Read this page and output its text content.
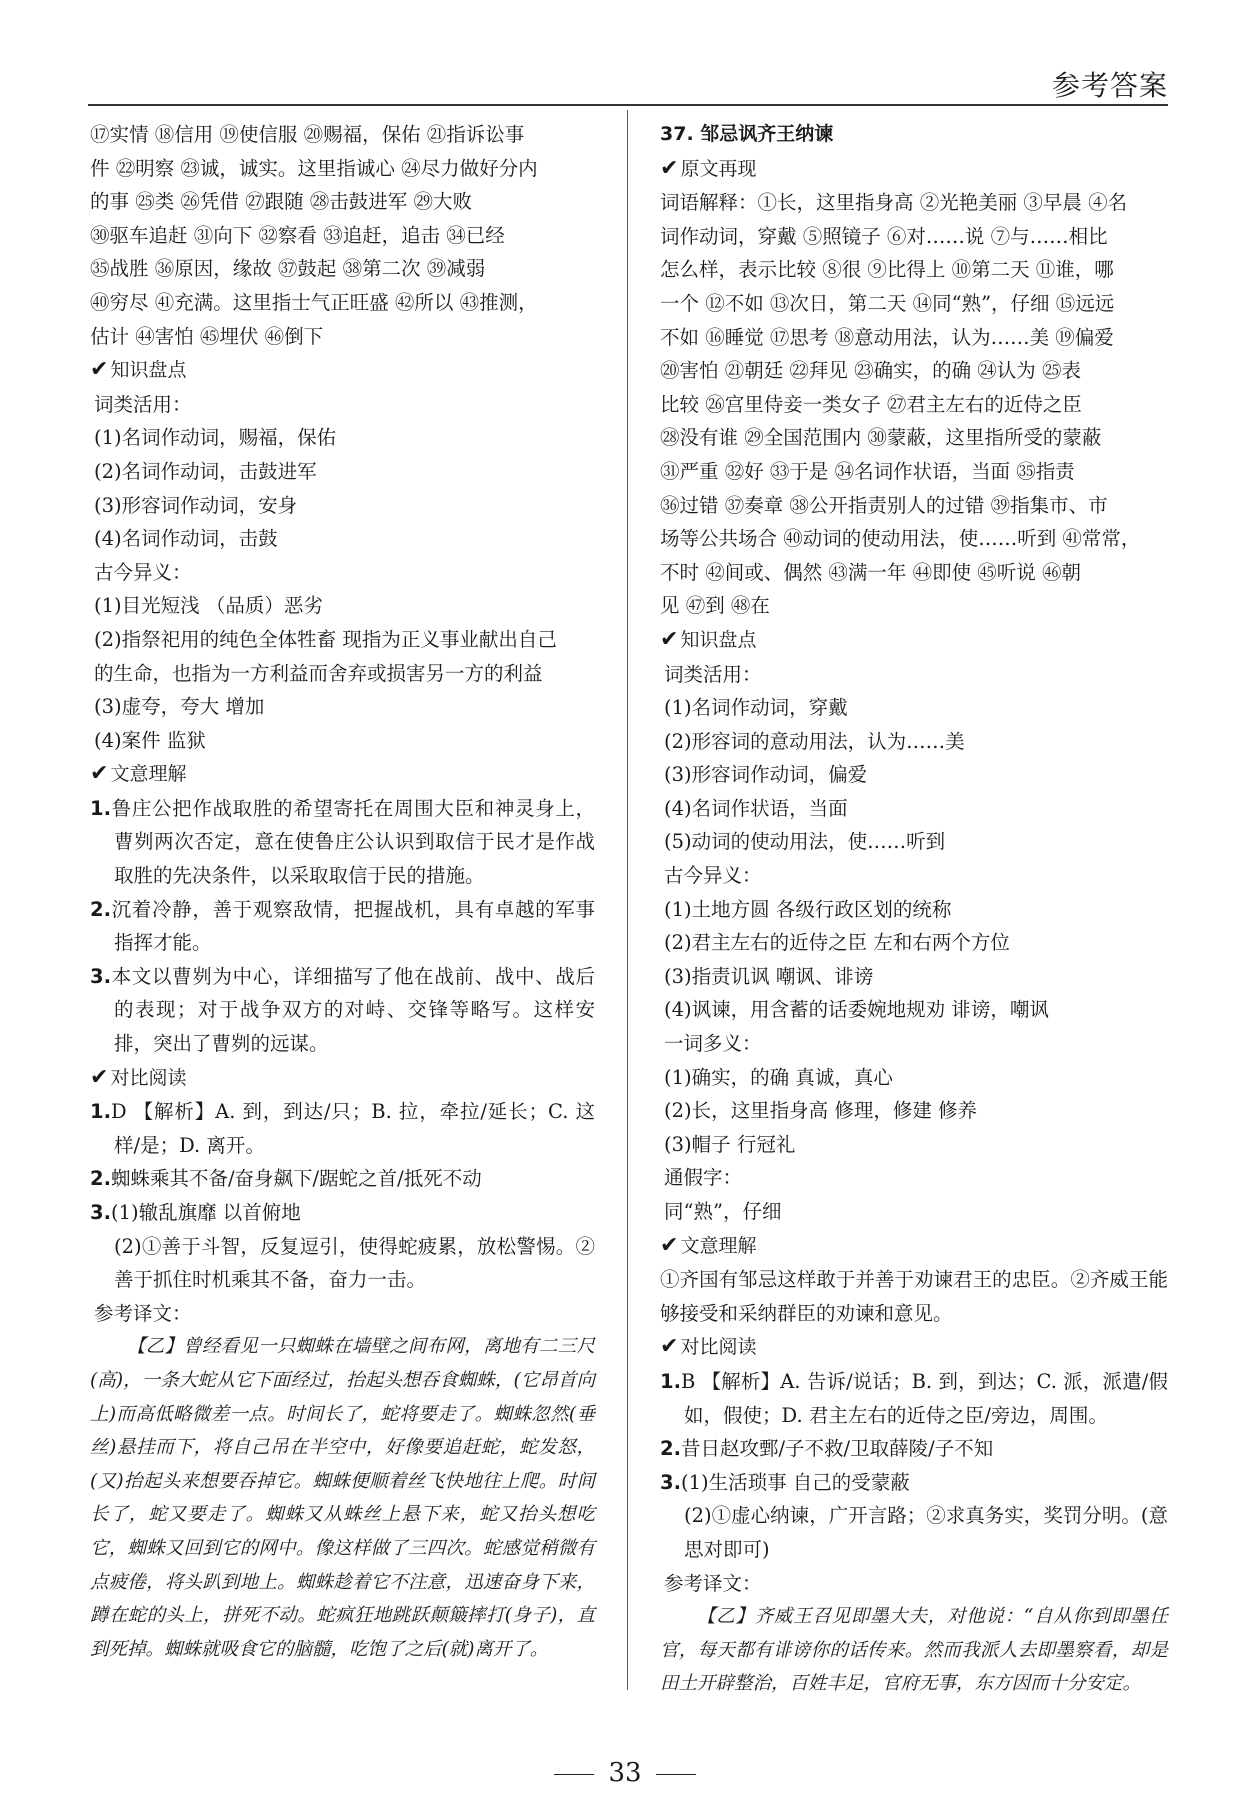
参考答案
⑰实情 ⑱信用 ⑲使信服 ⑳赐福，保佑 ㉑指诉讼事
件 ㉒明察 ㉓诚，诚实。这里指诚心 ㉔尽力做好分内
的事 ㉕类 ㉖凭借 ㉗跟随 ㉘击鼓进军 ㉙大败
㉚驱车追赶 ㉛向下 ㉜察看 ㉝追赶，追击 ㉞已经
㉟战胜 ㊱原因，缘故 ㊲鼓起 ㊳第二次 ㊴减弱
㊵穷尽 ㊶充满。这里指士气正旺盛 ㊷所以 ㊸推测，
估计 ㊹害怕 ㊺埋伏 ㊻倒下
✔ 知识盘点
词类活用：
(1)名词作动词，赐福，保佑
(2)名词作动词，击鼓进军
(3)形容词作动词，安身
(4)名词作动词，击鼓
古今异义：
(1)目光短浅 （品质）恶劣
(2)指祭祀用的纯色全体牲畜 现指为正义事业献出自己
的生命，也指为一方利益而舍弃或损害另一方的利益
(3)虚夸，夸大 增加
(4)案件 监狱
✔ 文意理解
1.鲁庄公把作战取胜的希望寄托在周围大臣和神灵身上，曹刿两次否定，意在使鲁庄公认识到取信于民才是作战取胜的先决条件，以采取取信于民的措施。
2.沉着冷静，善于观察敌情，把握战机，具有卓越的军事指挥才能。
3.本文以曹刿为中心，详细描写了他在战前、战中、战后的表现；对于战争双方的对峙、交锋等略写。这样安排，突出了曹刿的远谋。
✔ 对比阅读
1.D 【解析】A. 到，到达/只；B. 拉，牵拉/延长；C. 这样/是；D. 离开。
2.蜘蛛乘其不备/奋身飙下/踞蛇之首/抵死不动
3.(1)辙乱旗靡 以首俯地
(2)①善于斗智，反复逗引，使得蛇疲累，放松警惕。②善于抓住时机乘其不备，奋力一击。
参考译文：
【乙】曾经看见一只蜘蛛在墙壁之间布网，离地有二三尺(高)，一条大蛇从它下面经过，抬起头想吞食蜘蛛，(它昂首向上)而高低略微差一点。时间长了，蛇将要走了。蜘蛛忽然(垂丝)悬挂而下，将自己吊在半空中，好像要追赶蛇，蛇发怒，(又)抬起头来想要吞掉它。蜘蛛便顺着丝飞快地往上爬。时间长了，蛇又要走了。蜘蛛又从蛛丝上悬下来，蛇又抬头想吃它，蜘蛛又回到它的网中。像这样做了三四次。蛇感觉稍微有点疲倦，将头趴到地上。蜘蛛趁着它不注意，迅速奋身下来，蹲在蛇的头上，拼死不动。蛇疯狂地跳跃颠簸摔打(身子)，直到死掉。蜘蛛就吸食它的脑髓，吃饱了之后(就)离开了。
37. 邹忌讽齐王纳谏
✔ 原文再现
词语解释：①长，这里指身高 ②光艳美丽 ③早晨 ④名
词作动词，穿戴 ⑤照镜子 ⑥对……说 ⑦与……相比
怎么样，表示比较 ⑧很 ⑨比得上 ⑩第二天 ⑪谁，哪
一个 ⑫不如 ⑬次日，第二天 ⑭同“熟”，仔细 ⑮远远
不如 ⑯睡觉 ⑰思考 ⑱意动用法，认为……美 ⑲偏爱
⑳害怕 ㉑朝廷 ㉒拜见 ㉓确实，的确 ㉔认为 ㉕表
比较 ㉖宫里侍妾一类女子 ㉗君主左右的近侍之臣
㉘没有谁 ㉙全国范围内 ㉚蒙蔽，这里指所受的蒙蔽
㉛严重 ㉜好 ㉝于是 ㉞名词作状语，当面 ㉟指责
㊱过错 ㊲奏章 ㊳公开指责别人的过错 ㊴指集市、市
场等公共场合 ㊵动词的使动用法，使……听到 ㊶常常，
不时 ㊷间或、偶然 ㊸满一年 ㊹即使 ㊺听说 ㊻朝
见 ㊼到 ㊽在
✔ 知识盘点
词类活用：
(1)名词作动词，穿戴
(2)形容词的意动用法，认为……美
(3)形容词作动词，偏爱
(4)名词作状语，当面
(5)动词的使动用法，使……听到
古今异义：
(1)土地方圆 各级行政区划的统称
(2)君主左右的近侍之臣 左和右两个方位
(3)指责讥讽 嘲讽、诽谤
(4)讽谏，用含蓄的话委婉地规劝 诽谤，嘲讽
一词多义：
(1)确实，的确 真诚，真心
(2)长，这里指身高 修理，修建 修养
(3)帽子 行冠礼
通假字：
同“熟”，仔细
✔ 文意理解
①齐国有邹忌这样敢于并善于劝谏君王的忠臣。②齐威王能够接受和采纳群臣的劝谏和意见。
✔ 对比阅读
1.B 【解析】A. 告诉/说话；B. 到，到达；C. 派，派遣/假如，假使；D. 君主左右的近侍之臣/旁边，周围。
2.昔日赵攻鄄/子不救/卫取薛陵/子不知
3.(1)生活琐事 自己的受蒙蔽
(2)①虚心纳谏，广开言路；②求真务实，奖罚分明。(意思对即可)
参考译文：
【乙】齐威王召见即墨大夫，对他说：“自从你到即墨任官，每天都有诽谤你的话传来。然而我派人去即墨察看，却是田土开辟整治，百姓丰足，官府无事，东方因而十分安定。
33
